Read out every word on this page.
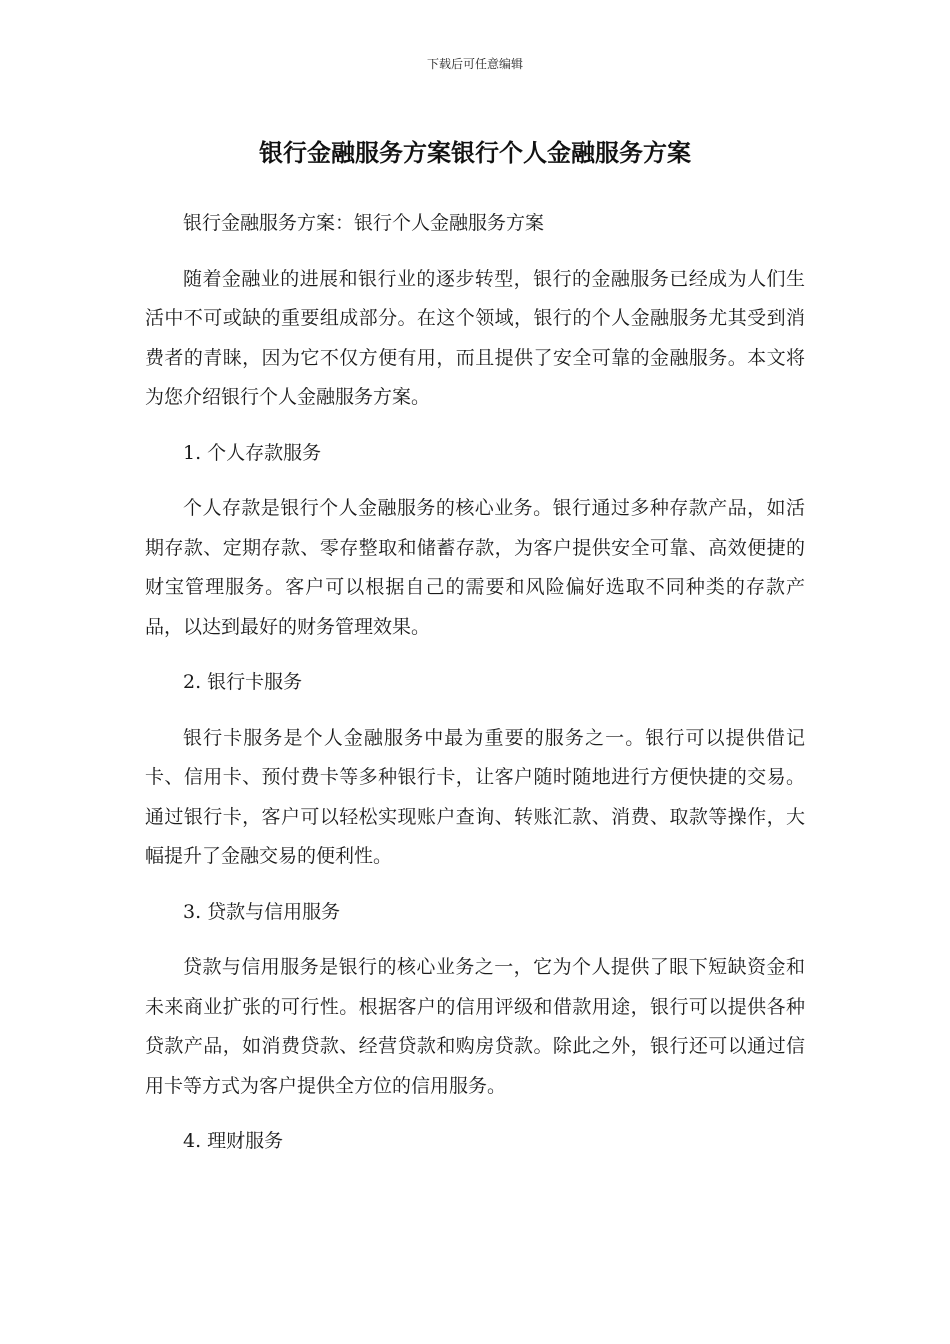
下载后可任意编辑
银行金融服务方案银行个人金融服务方案

银行金融服务方案：银行个人金融服务方案

随着金融业的进展和银行业的逐步转型，银行的金融服务已经成为人们生活中不可或缺的重要组成部分。在这个领域，银行的个人金融服务尤其受到消费者的青睐，因为它不仅方便有用，而且提供了安全可靠的金融服务。本文将为您介绍银行个人金融服务方案。

1. 个人存款服务

个人存款是银行个人金融服务的核心业务。银行通过多种存款产品，如活期存款、定期存款、零存整取和储蓄存款，为客户提供安全可靠、高效便捷的财宝管理服务。客户可以根据自己的需要和风险偏好选取不同种类的存款产品，以达到最好的财务管理效果。

2. 银行卡服务

银行卡服务是个人金融服务中最为重要的服务之一。银行可以提供借记卡、信用卡、预付费卡等多种银行卡，让客户随时随地进行方便快捷的交易。通过银行卡，客户可以轻松实现账户查询、转账汇款、消费、取款等操作，大幅提升了金融交易的便利性。

3. 贷款与信用服务

贷款与信用服务是银行的核心业务之一，它为个人提供了眼下短缺资金和未来商业扩张的可行性。根据客户的信用评级和借款用途，银行可以提供各种贷款产品，如消费贷款、经营贷款和购房贷款。除此之外，银行还可以通过信用卡等方式为客户提供全方位的信用服务。

4. 理财服务
